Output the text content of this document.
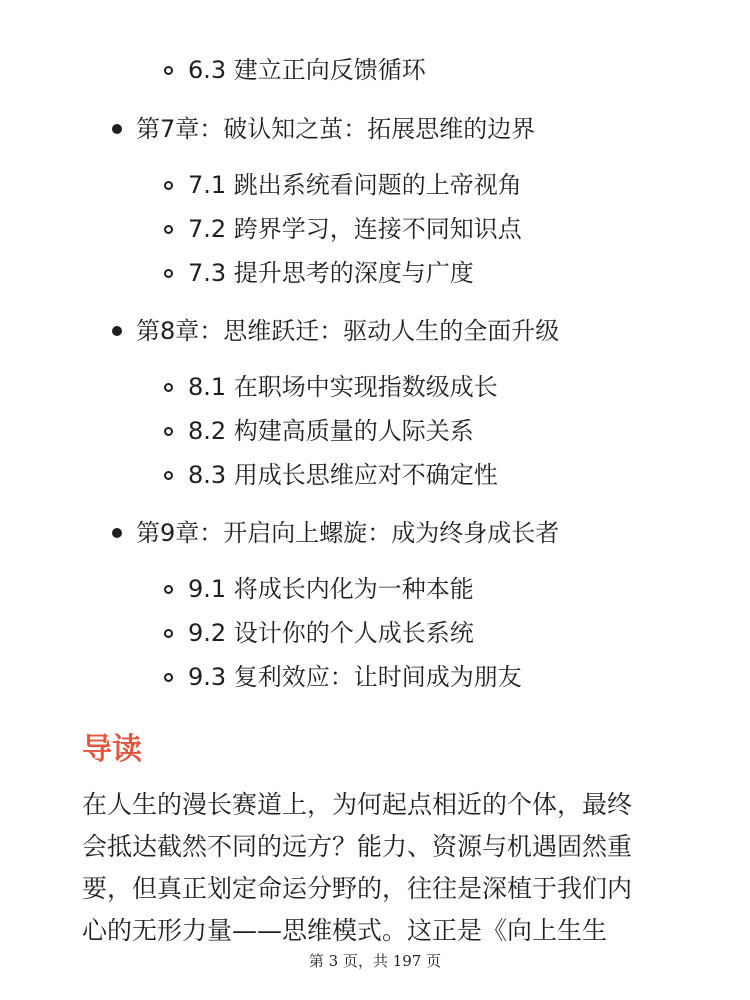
6.3 建立正向反馈循环
第7章：破认知之茧：拓展思维的边界
7.1 跳出系统看问题的上帝视角
7.2 跨界学习，连接不同知识点
7.3 提升思考的深度与广度
第8章：思维跃迁：驱动人生的全面升级
8.1 在职场中实现指数级成长
8.2 构建高质量的人际关系
8.3 用成长思维应对不确定性
第9章：开启向上螺旋：成为终身成长者
9.1 将成长内化为一种本能
9.2 设计你的个人成长系统
9.3 复利效应：让时间成为朋友
导读
在人生的漫长赛道上，为何起点相近的个体，最终
会抵达截然不同的远方？能力、资源与机遇固然重
要，但真正划定命运分野的，往往是深植于我们内
心的无形力量——思维模式。这正是《向上生生
第 3 页，共 197 页
